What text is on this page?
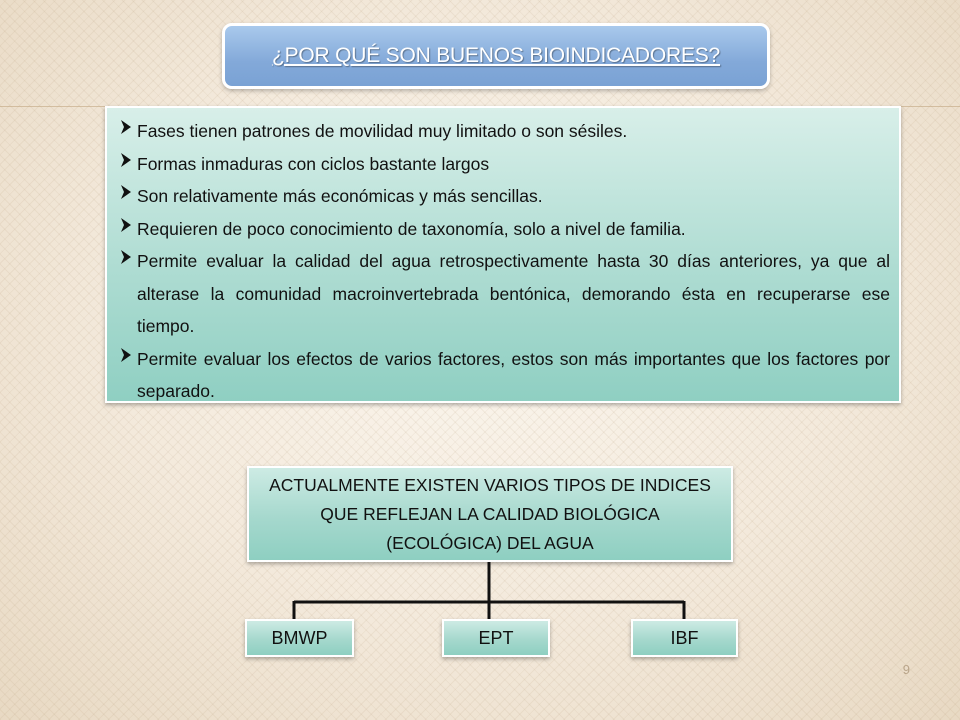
¿POR QUÉ SON BUENOS BIOINDICADORES?
Fases tienen patrones de movilidad muy limitado o son sésiles.
Formas inmaduras con ciclos bastante largos
Son relativamente más económicas y más sencillas.
Requieren de poco conocimiento de taxonomía, solo a nivel de familia.
Permite evaluar la calidad del agua retrospectivamente hasta 30 días anteriores, ya que al alterase la comunidad macroinvertebrada bentónica, demorando ésta en recuperarse ese tiempo.
Permite evaluar los efectos de varios factores, estos son más importantes que los factores por separado.
ACTUALMENTE EXISTEN VARIOS TIPOS DE INDICES QUE REFLEJAN LA CALIDAD BIOLÓGICA (ECOLÓGICA) DEL AGUA
BMWP	EPT	IBF
9
